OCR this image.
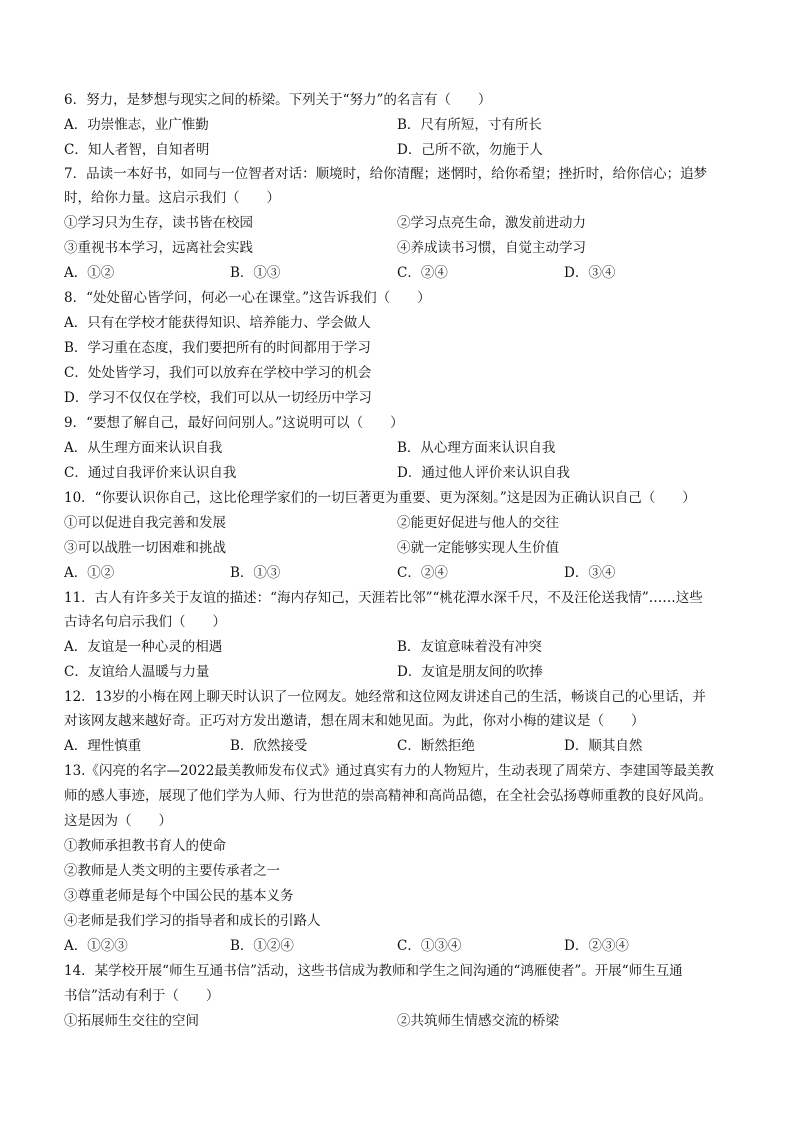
6．努力，是梦想与现实之间的桥梁。下列关于“努力”的名言有（　　）
A．功崇惟志，业广惟勤	B．尺有所短，寸有所长
C．知人者智，自知者明	D．己所不欲，勿施于人
7．品读一本好书，如同与一位智者对话：顺境时，给你清醒；迷惘时，给你希望；挫折时，给你信心；追梦
时，给你力量。这启示我们（　　）
①学习只为生存，读书皆在校园	②学习点亮生命，激发前进动力
③重视书本学习，远离社会实践	④养成读书习惯，自觉主动学习
A．①②	B．①③	C．②④	D．③④
8．“处处留心皆学问，何必一心在课堂。”这告诉我们（　　）
A．只有在学校才能获得知识、培养能力、学会做人
B．学习重在态度，我们要把所有的时间都用于学习
C．处处皆学习，我们可以放弃在学校中学习的机会
D．学习不仅仅在学校，我们可以从一切经历中学习
9．“要想了解自己，最好问问别人。”这说明可以（　　）
A．从生理方面来认识自我	B．从心理方面来认识自我
C．通过自我评价来认识自我	D．通过他人评价来认识自我
10．“你要认识你自己，这比伦理学家们的一切巨著更为重要、更为深刻。”这是因为正确认识自己（　　）
①可以促进自我完善和发展	②能更好促进与他人的交往
③可以战胜一切困难和挑战	④就一定能够实现人生价值
A．①②	B．①③	C．②④	D．③④
11．古人有许多关于友谊的描述：“海内存知己，天涯若比邻”“桃花潭水深千尺，不及汪伦送我情”……这些
古诗名句启示我们（　　）
A．友谊是一种心灵的相遇	B．友谊意味着没有冲突
C．友谊给人温暖与力量	D．友谊是朋友间的吹捧
12．13岁的小梅在网上聊天时认识了一位网友。她经常和这位网友讲述自己的生活，畅谈自己的心里话，并
对该网友越来越好奇。正巧对方发出邀请，想在周末和她见面。为此，你对小梅的建议是（　　）
A．理性慎重	B．欣然接受	C．断然拒绝	D．顺其自然
13.《闪亮的名字—2022最美教师发布仪式》通过真实有力的人物短片，生动表现了周荣方、李建国等最美教
师的感人事迹，展现了他们学为人师、行为世范的崇高精神和高尚品德，在全社会弘扬尊师重教的良好风尚。
这是因为（　　）
①教师承担教书育人的使命
②教师是人类文明的主要传承者之一
③尊重老师是每个中国公民的基本义务
④老师是我们学习的指导者和成长的引路人
A．①②③	B．①②④	C．①③④	D．②③④
14．某学校开展“师生互通书信”活动，这些书信成为教师和学生之间沟通的“鸿雁使者”。开展“师生互通
书信”活动有利于（　　）
①拓展师生交往的空间	②共筑师生情感交流的桥梁
